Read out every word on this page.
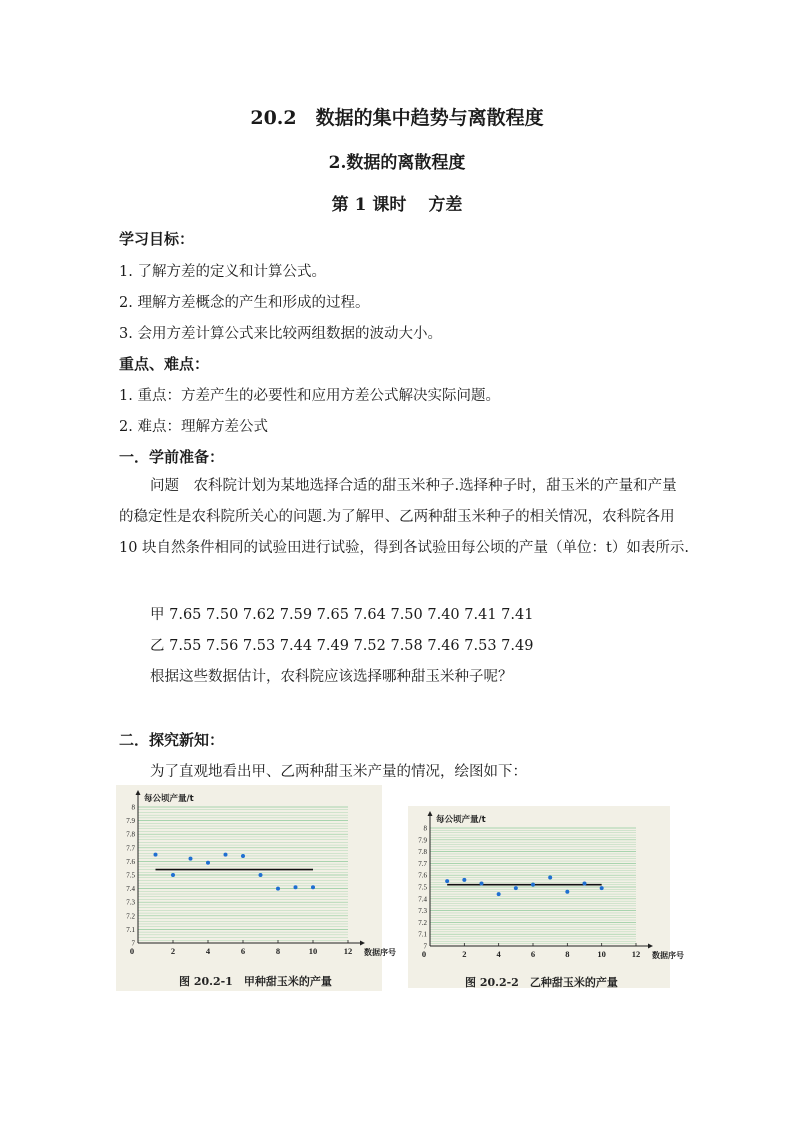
20.2　数据的集中趋势与离散程度
2.数据的离散程度
第 1 课时 方差
学习目标：
1. 了解方差的定义和计算公式。
2. 理解方差概念的产生和形成的过程。
3. 会用方差计算公式来比较两组数据的波动大小。
重点、难点：
1. 重点：方差产生的必要性和应用方差公式解决实际问题。
2. 难点：理解方差公式
一．学前准备：
问题　农科院计划为某地选择合适的甜玉米种子.选择种子时，甜玉米的产量和产量的稳定性是农科院所关心的问题.为了解甲、乙两种甜玉米种子的相关情况，农科院各用 10 块自然条件相同的试验田进行试验，得到各试验田每公顷的产量（单位：t）如表所示.
甲 7.65 7.50 7.62 7.59 7.65 7.64 7.50 7.40 7.41 7.41
乙 7.55 7.56 7.53 7.44 7.49 7.52 7.58 7.46 7.53 7.49
根据这些数据估计，农科院应该选择哪种甜玉米种子呢？
二．探究新知：
为了直观地看出甲、乙两种甜玉米产量的情况，绘图如下：
7
7.1
7.2
7.3
7.4
7.5
7.6
7.7
7.8
7.9
8
0	2	4	6	8	10	12
每公顷产量/t
数据序号
图 20.2-1　甲种甜玉米的产量
7
7.1
7.2
7.3
7.4
7.5
7.6
7.7
7.8
7.9
8
0	2	4	6	8	10	12
每公顷产量/t
数据序号
图 20.2-2　乙种甜玉米的产量
